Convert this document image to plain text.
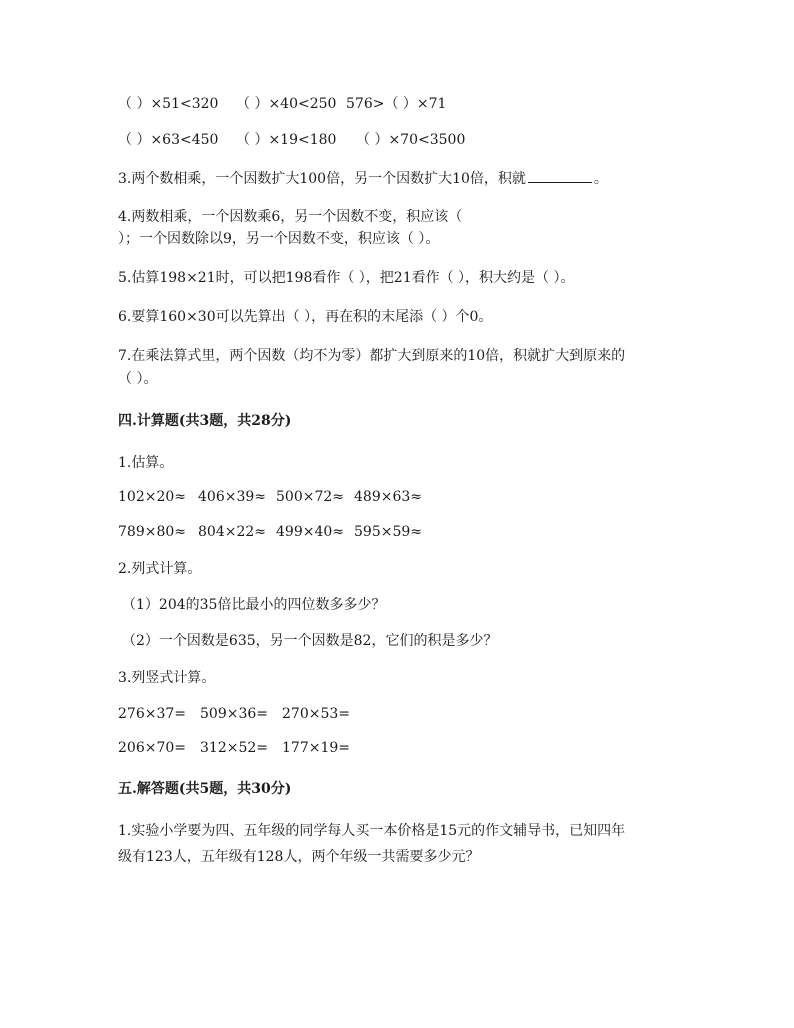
（ ）×51<320	（ ）×40<250 576>（ ）×71
（ ）×63<450	（ ）×19<180	（ ）×70<3500
3.两个数相乘，一个因数扩大100倍，另一个因数扩大10倍，积就	。
4.两数相乘，一个因数乘6，另一个因数不变，积应该（
）；一个因数除以9，另一个因数不变，积应该（ ）。
5.估算198×21时，可以把198看作（ ），把21看作（ ），积大约是（ ）。
6.要算160×30可以先算出（ ），再在积的末尾添（ ）个0。
7.在乘法算式里，两个因数（均不为零）都扩大到原来的10倍，积就扩大到原来的
（ ）。
四.计算题(共3题，共28分)
1.估算。
102×20≈ 406×39≈ 500×72≈ 489×63≈
789×80≈ 804×22≈ 499×40≈ 595×59≈
2.列式计算。
（1）204的35倍比最小的四位数多多少？
（2）一个因数是635，另一个因数是82，它们的积是多少？
3.列竖式计算。
276×37=	509×36=	270×53=
206×70=	312×52=	177×19=
五.解答题(共5题，共30分)
1.实验小学要为四、五年级的同学每人买一本价格是15元的作文辅导书，已知四年
级有123人，五年级有128人，两个年级一共需要多少元？
